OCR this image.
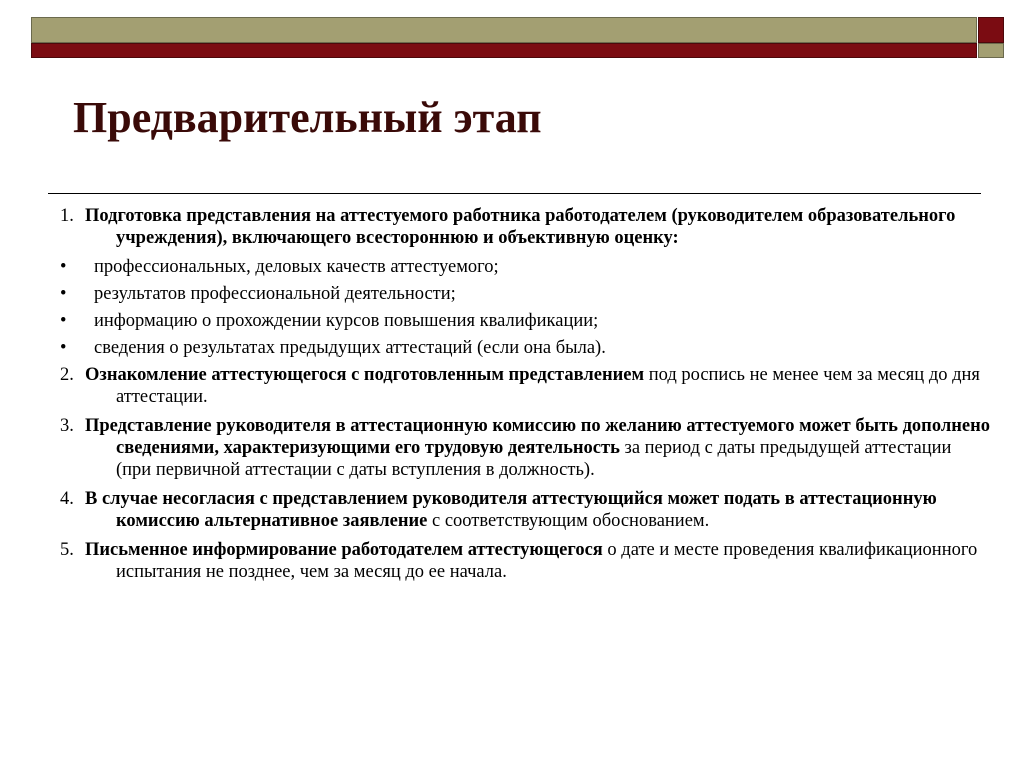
Предварительный этап
1. Подготовка представления на аттестуемого работника работодателем (руководителем образовательного учреждения), включающего всестороннюю и объективную оценку:
• профессиональных, деловых качеств аттестуемого;
• результатов профессиональной деятельности;
• информацию о прохождении курсов повышения квалификации;
• сведения о результатах предыдущих аттестаций (если она была).
2. Ознакомление аттестующегося с подготовленным представлением под роспись не менее чем за месяц до дня аттестации.
3. Представление руководителя в аттестационную комиссию по желанию аттестуемого может быть дополнено сведениями, характеризующими его трудовую деятельность за период с даты предыдущей аттестации (при первичной аттестации с даты вступления в должность).
4. В случае несогласия с представлением руководителя аттестующийся может подать в аттестационную комиссию альтернативное заявление с соответствующим обоснованием.
5. Письменное информирование работодателем аттестующегося о дате и месте проведения квалификационного испытания не позднее, чем за месяц до ее начала.
